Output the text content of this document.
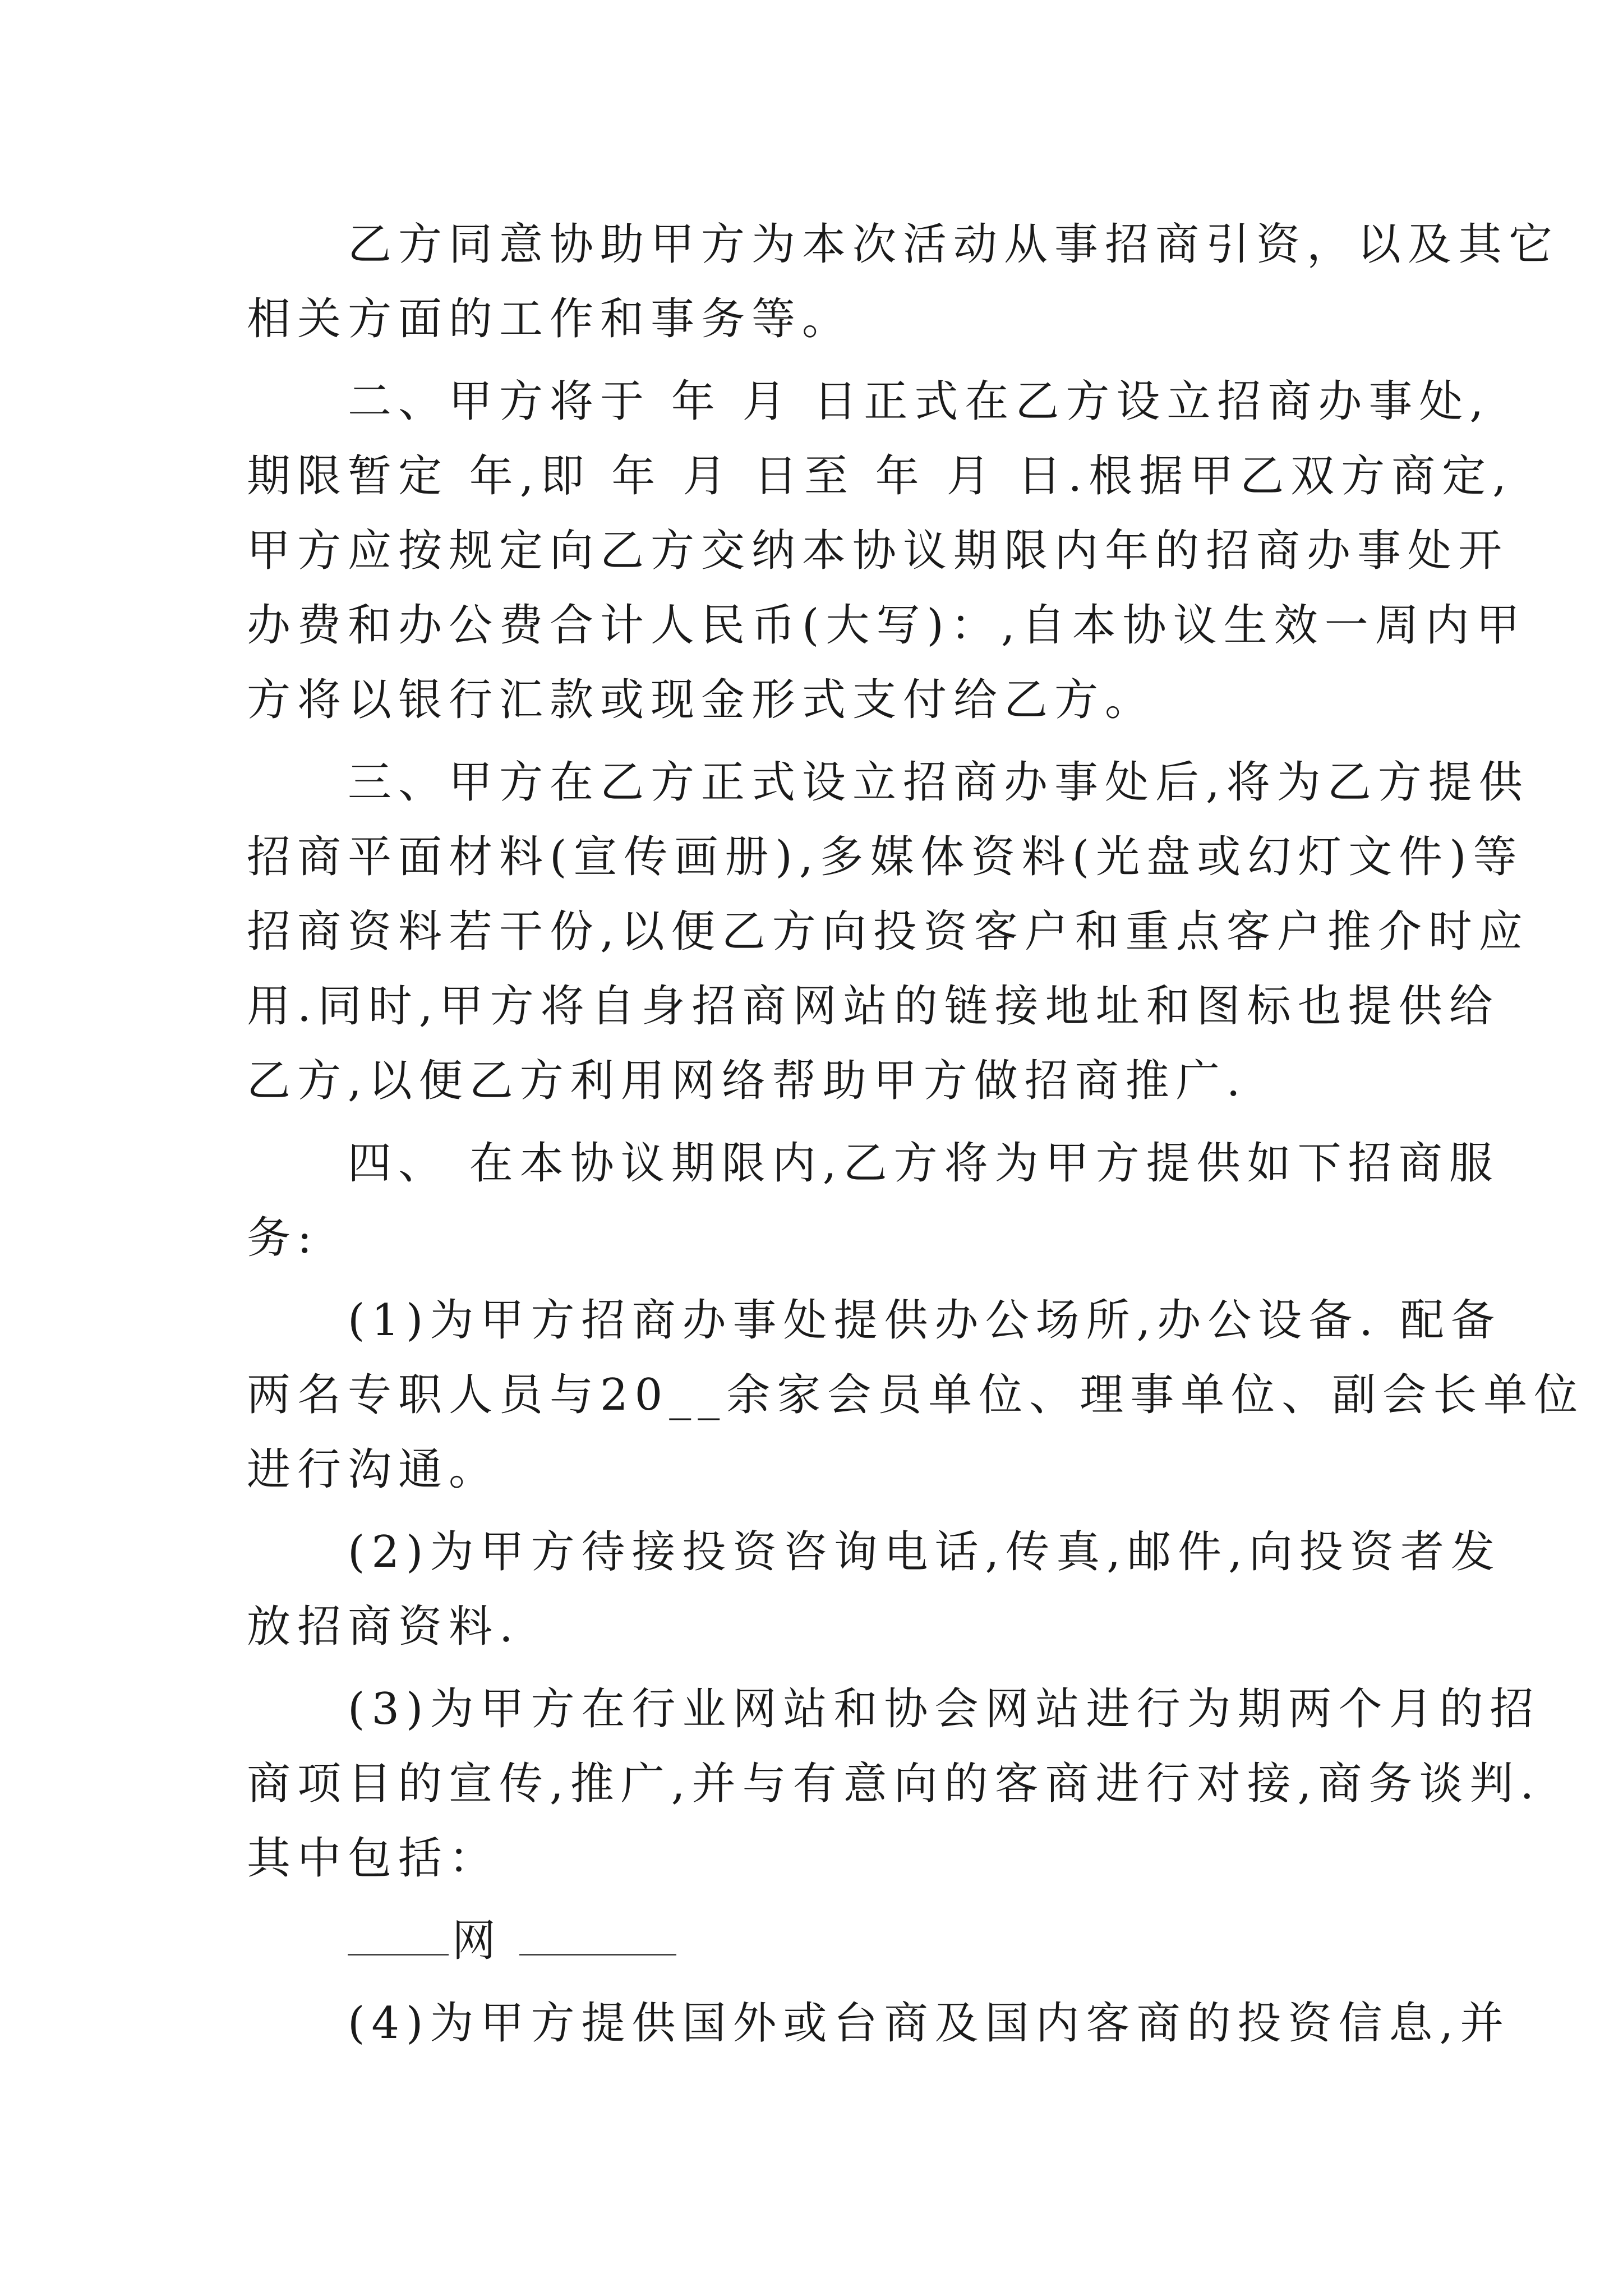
乙方同意协助甲方为本次活动从事招商引资，以及其它
相关方面的工作和事务等。

二、甲方将于 年 月 日正式在乙方设立招商办事处,
期限暂定 年,即 年 月 日至 年 月 日.根据甲乙双方商定,
甲方应按规定向乙方交纳本协议期限内年的招商办事处开
办费和办公费合计人民币(大写)：,自本协议生效一周内甲
方将以银行汇款或现金形式支付给乙方。

三、甲方在乙方正式设立招商办事处后,将为乙方提供
招商平面材料(宣传画册),多媒体资料(光盘或幻灯文件)等
招商资料若干份,以便乙方向投资客户和重点客户推介时应
用.同时,甲方将自身招商网站的链接地址和图标也提供给
乙方,以便乙方利用网络帮助甲方做招商推广.

四、 在本协议期限内,乙方将为甲方提供如下招商服
务:

(1)为甲方招商办事处提供办公场所,办公设备. 配备
两名专职人员与20__余家会员单位、理事单位、副会长单位
进行沟通。

(2)为甲方待接投资咨询电话,传真,邮件,向投资者发
放招商资料.

(3)为甲方在行业网站和协会网站进行为期两个月的招
商项目的宣传,推广,并与有意向的客商进行对接,商务谈判.
其中包括：

网

(4)为甲方提供国外或台商及国内客商的投资信息,并
